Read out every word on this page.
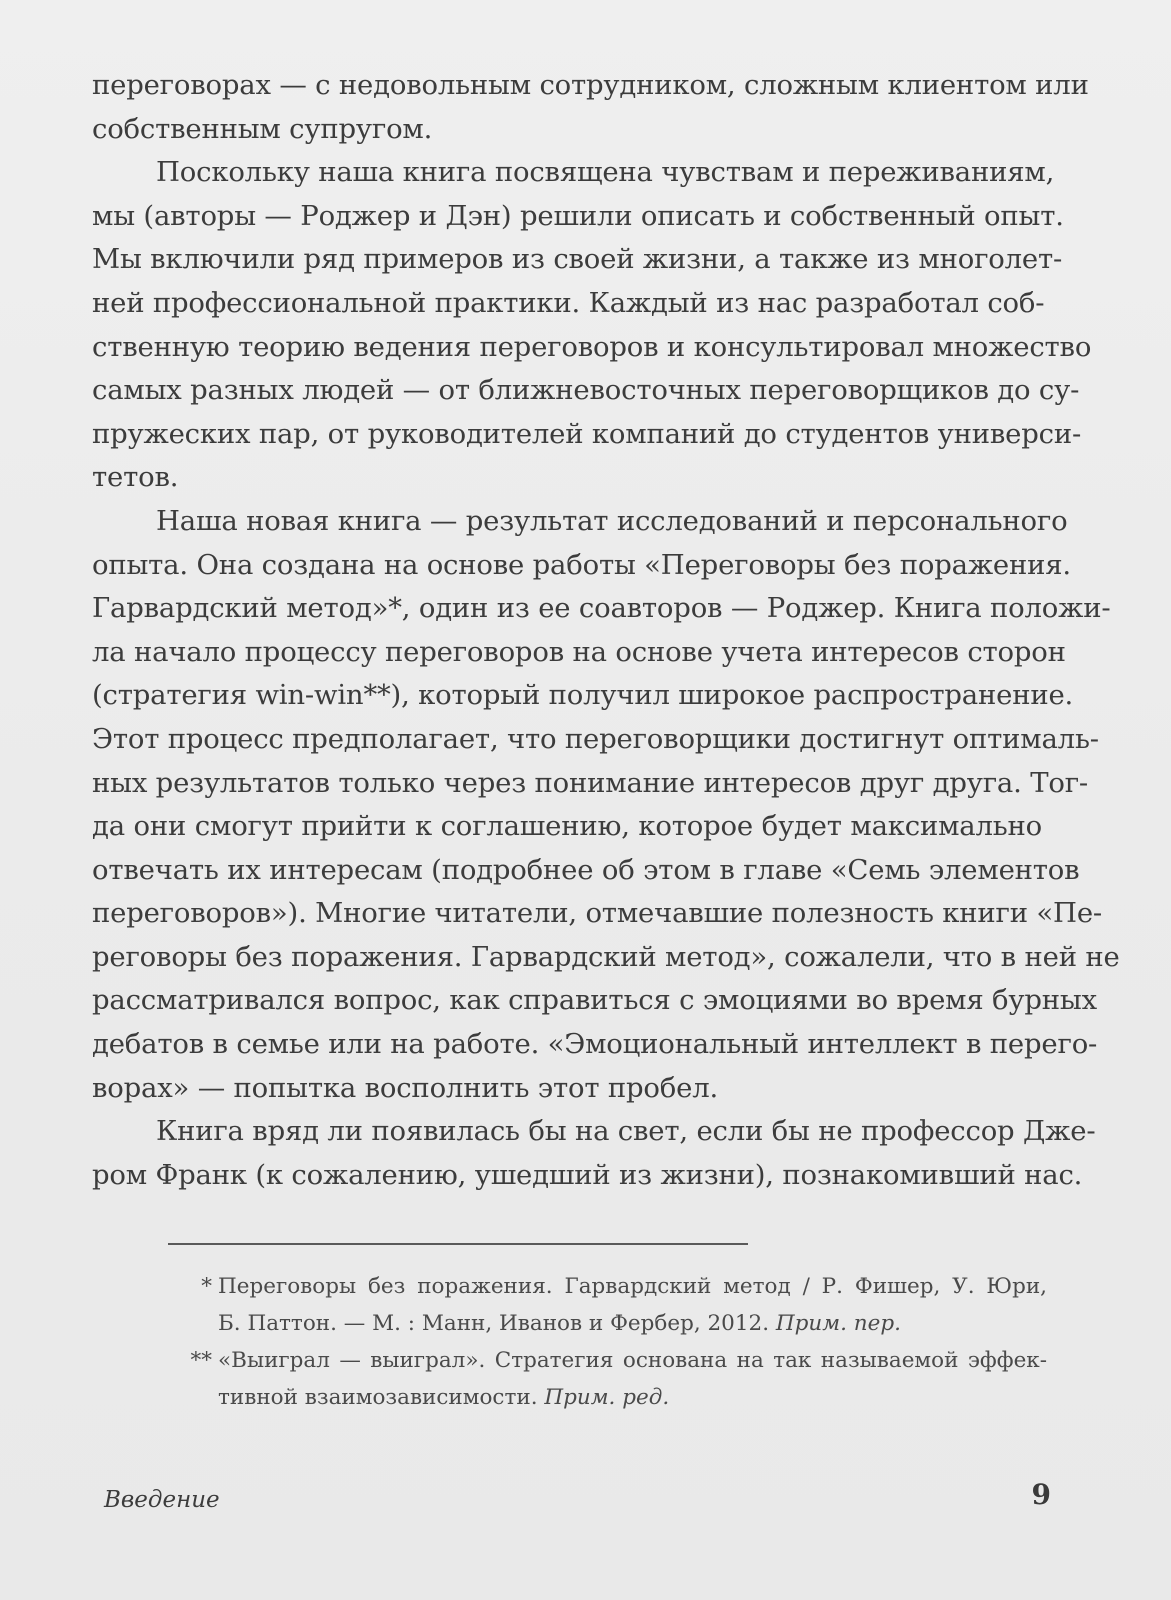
переговорах — с недовольным сотрудником, сложным клиентом или
собственным супругом.

Поскольку наша книга посвящена чувствам и переживаниям,
мы (авторы — Роджер и Дэн) решили описать и собственный опыт.
Мы включили ряд примеров из своей жизни, а также из многолет-
ней профессиональной практики. Каждый из нас разработал соб-
ственную теорию ведения переговоров и консультировал множество
самых разных людей — от ближневосточных переговорщиков до су-
пружеских пар, от руководителей компаний до студентов универси-
тетов.

Наша новая книга — результат исследований и персонального
опыта. Она создана на основе работы «Переговоры без поражения.
Гарвардский метод»*, один из ее соавторов — Роджер. Книга положи-
ла начало процессу переговоров на основе учета интересов сторон
(стратегия win-win**), который получил широкое распространение.
Этот процесс предполагает, что переговорщики достигнут оптималь-
ных результатов только через понимание интересов друг друга. Тог-
да они смогут прийти к соглашению, которое будет максимально
отвечать их интересам (подробнее об этом в главе «Семь элементов
переговоров»). Многие читатели, отмечавшие полезность книги «Пе-
реговоры без поражения. Гарвардский метод», сожалели, что в ней не
рассматривался вопрос, как справиться с эмоциями во время бурных
дебатов в семье или на работе. «Эмоциональный интеллект в перего-
ворах» — попытка восполнить этот пробел.

Книга вряд ли появилась бы на свет, если бы не профессор Дже-
ром Франк (к сожалению, ушедший из жизни), познакомивший нас.

* Переговоры без поражения. Гарвардский метод / Р. Фишер, У. Юри,
Б. Паттон. — М. : Манн, Иванов и Фербер, 2012. Прим. пер.
** «Выиграл — выиграл». Стратегия основана на так называемой эффек-
тивной взаимозависимости. Прим. ред.
Введение	9
